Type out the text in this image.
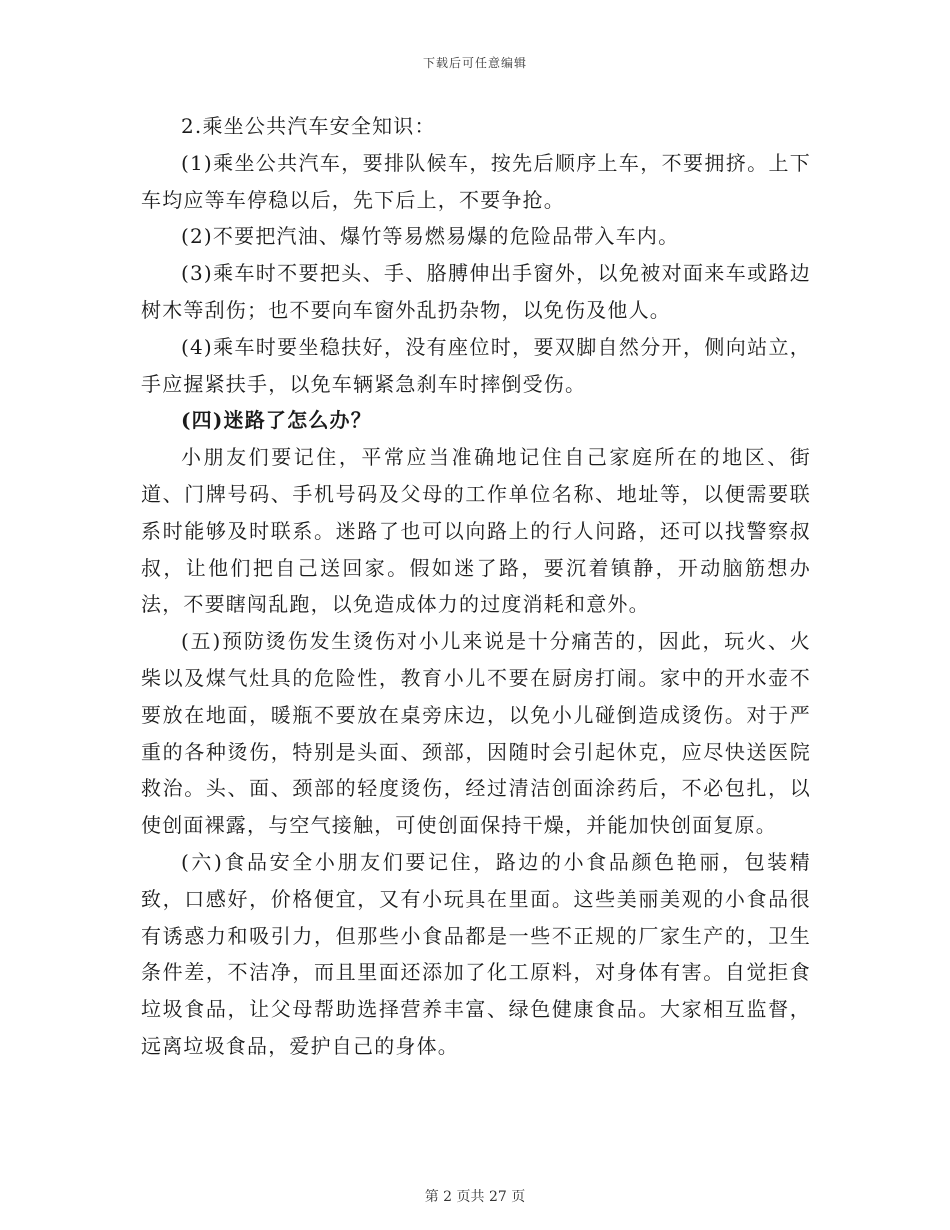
下载后可任意编辑

2.乘坐公共汽车安全知识：

(1)乘坐公共汽车，要排队候车，按先后顺序上车，不要拥挤。上下车均应等车停稳以后，先下后上，不要争抢。

(2)不要把汽油、爆竹等易燃易爆的危险品带入车内。

(3)乘车时不要把头、手、胳膊伸出手窗外，以免被对面来车或路边树木等刮伤；也不要向车窗外乱扔杂物，以免伤及他人。

(4)乘车时要坐稳扶好，没有座位时，要双脚自然分开，侧向站立，手应握紧扶手，以免车辆紧急刹车时摔倒受伤。

(四)迷路了怎么办？

小朋友们要记住，平常应当准确地记住自己家庭所在的地区、街道、门牌号码、手机号码及父母的工作单位名称、地址等，以便需要联系时能够及时联系。迷路了也可以向路上的行人问路，还可以找警察叔叔，让他们把自己送回家。假如迷了路，要沉着镇静，开动脑筋想办法，不要瞎闯乱跑，以免造成体力的过度消耗和意外。

(五)预防烫伤发生烫伤对小儿来说是十分痛苦的，因此，玩火、火柴以及煤气灶具的危险性，教育小儿不要在厨房打闹。家中的开水壶不要放在地面，暖瓶不要放在桌旁床边，以免小儿碰倒造成烫伤。对于严重的各种烫伤，特别是头面、颈部，因随时会引起休克，应尽快送医院救治。头、面、颈部的轻度烫伤，经过清洁创面涂药后，不必包扎，以使创面裸露，与空气接触，可使创面保持干燥，并能加快创面复原。

(六)食品安全小朋友们要记住，路边的小食品颜色艳丽，包装精致，口感好，价格便宜，又有小玩具在里面。这些美丽美观的小食品很有诱惑力和吸引力，但那些小食品都是一些不正规的厂家生产的，卫生条件差，不洁净，而且里面还添加了化工原料，对身体有害。自觉拒食垃圾食品，让父母帮助选择营养丰富、绿色健康食品。大家相互监督，远离垃圾食品，爱护自己的身体。

第 2 页共 27 页
